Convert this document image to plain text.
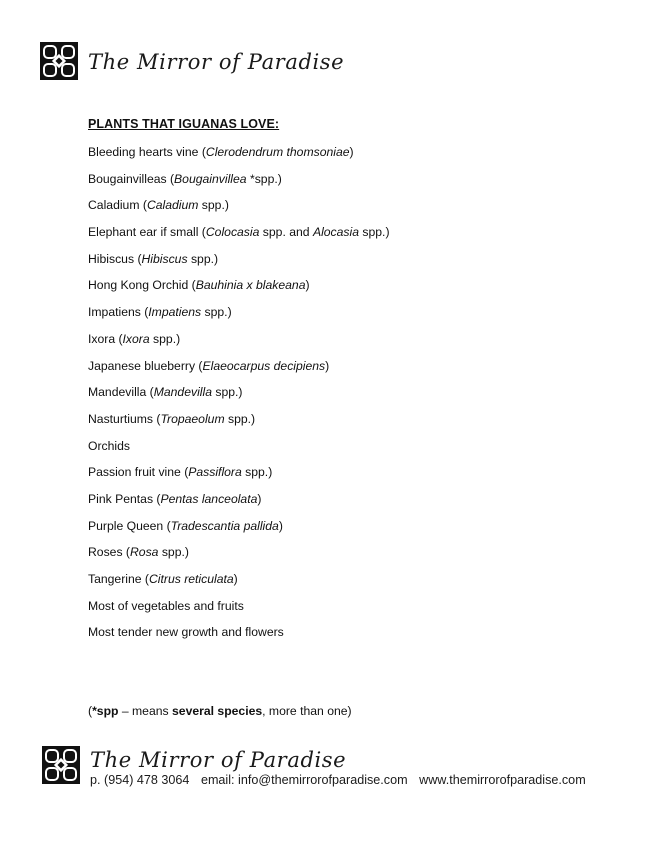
The Mirror of Paradise
PLANTS THAT IGUANAS LOVE:
Bleeding hearts vine (Clerodendrum thomsoniae)
Bougainvilleas (Bougainvillea *spp.)
Caladium (Caladium spp.)
Elephant ear if small (Colocasia spp. and Alocasia spp.)
Hibiscus (Hibiscus spp.)
Hong Kong Orchid (Bauhinia x blakeana)
Impatiens (Impatiens spp.)
Ixora (Ixora spp.)
Japanese blueberry (Elaeocarpus decipiens)
Mandevilla (Mandevilla spp.)
Nasturtiums (Tropaeolum spp.)
Orchids
Passion fruit vine (Passiflora spp.)
Pink Pentas (Pentas lanceolata)
Purple Queen (Tradescantia pallida)
Roses (Rosa spp.)
Tangerine (Citrus reticulata)
Most of vegetables and fruits
Most tender new growth and flowers
(*spp – means several species, more than one)
The Mirror of Paradise
p. (954) 478 3064 email: info@themirrorofparadise.com www.themirrorofparadise.com
